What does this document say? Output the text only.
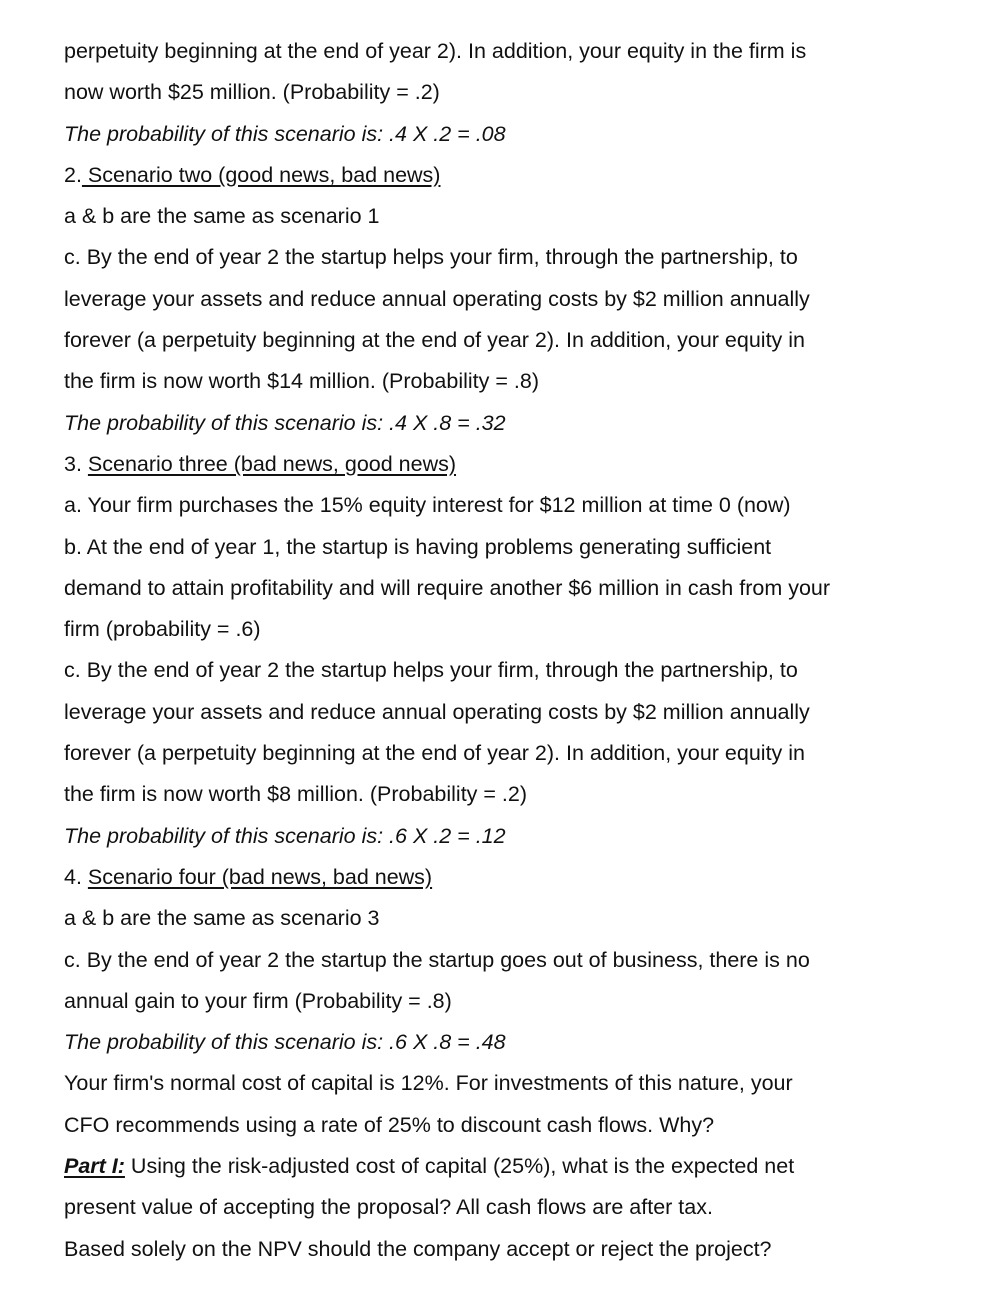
perpetuity beginning at the end of year 2). In addition, your equity in the firm is
now worth $25 million. (Probability = .2)
The probability of this scenario is: .4 X .2 = .08
2. Scenario two (good news, bad news)
a & b are the same as scenario 1
c. By the end of year 2 the startup helps your firm, through the partnership, to
leverage your assets and reduce annual operating costs by $2 million annually
forever (a perpetuity beginning at the end of year 2). In addition, your equity in
the firm is now worth $14 million. (Probability = .8)
The probability of this scenario is: .4 X .8 = .32
3. Scenario three (bad news, good news)
a. Your firm purchases the 15% equity interest for $12 million at time 0 (now)
b. At the end of year 1, the startup is having problems generating sufficient
demand to attain profitability and will require another $6 million in cash from your
firm (probability = .6)
c. By the end of year 2 the startup helps your firm, through the partnership, to
leverage your assets and reduce annual operating costs by $2 million annually
forever (a perpetuity beginning at the end of year 2). In addition, your equity in
the firm is now worth $8 million. (Probability = .2)
The probability of this scenario is: .6 X .2 = .12
4. Scenario four (bad news, bad news)
a & b are the same as scenario 3
c. By the end of year 2 the startup the startup goes out of business, there is no
annual gain to your firm (Probability = .8)
The probability of this scenario is: .6 X .8 = .48
Your firm's normal cost of capital is 12%. For investments of this nature, your
CFO recommends using a rate of 25% to discount cash flows. Why?
Part I: Using the risk-adjusted cost of capital (25%), what is the expected net
present value of accepting the proposal? All cash flows are after tax.
Based solely on the NPV should the company accept or reject the project?
